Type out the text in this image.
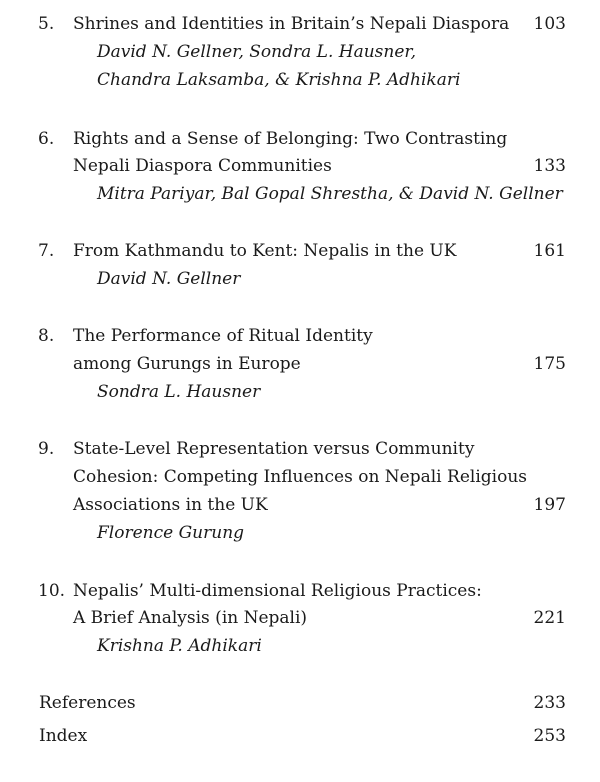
5. Shrines and Identities in Britain’s Nepali Diaspora 103
David N. Gellner, Sondra L. Hausner,
Chandra Laksamba, & Krishna P. Adhikari
6. Rights and a Sense of Belonging: Two Contrasting
Nepali Diaspora Communities	133
Mitra Pariyar, Bal Gopal Shrestha, & David N. Gellner
7. From Kathmandu to Kent: Nepalis in the UK	161
David N. Gellner
8. The Performance of Ritual Identity
among Gurungs in Europe	175
Sondra L. Hausner
9. State-Level Representation versus Community
Cohesion: Competing Influences on Nepali Religious
Associations in the UK	197
Florence Gurung
10. Nepalis’ Multi-dimensional Religious Practices:
A Brief Analysis (in Nepali)	221
Krishna P. Adhikari
References	233
Index	253
